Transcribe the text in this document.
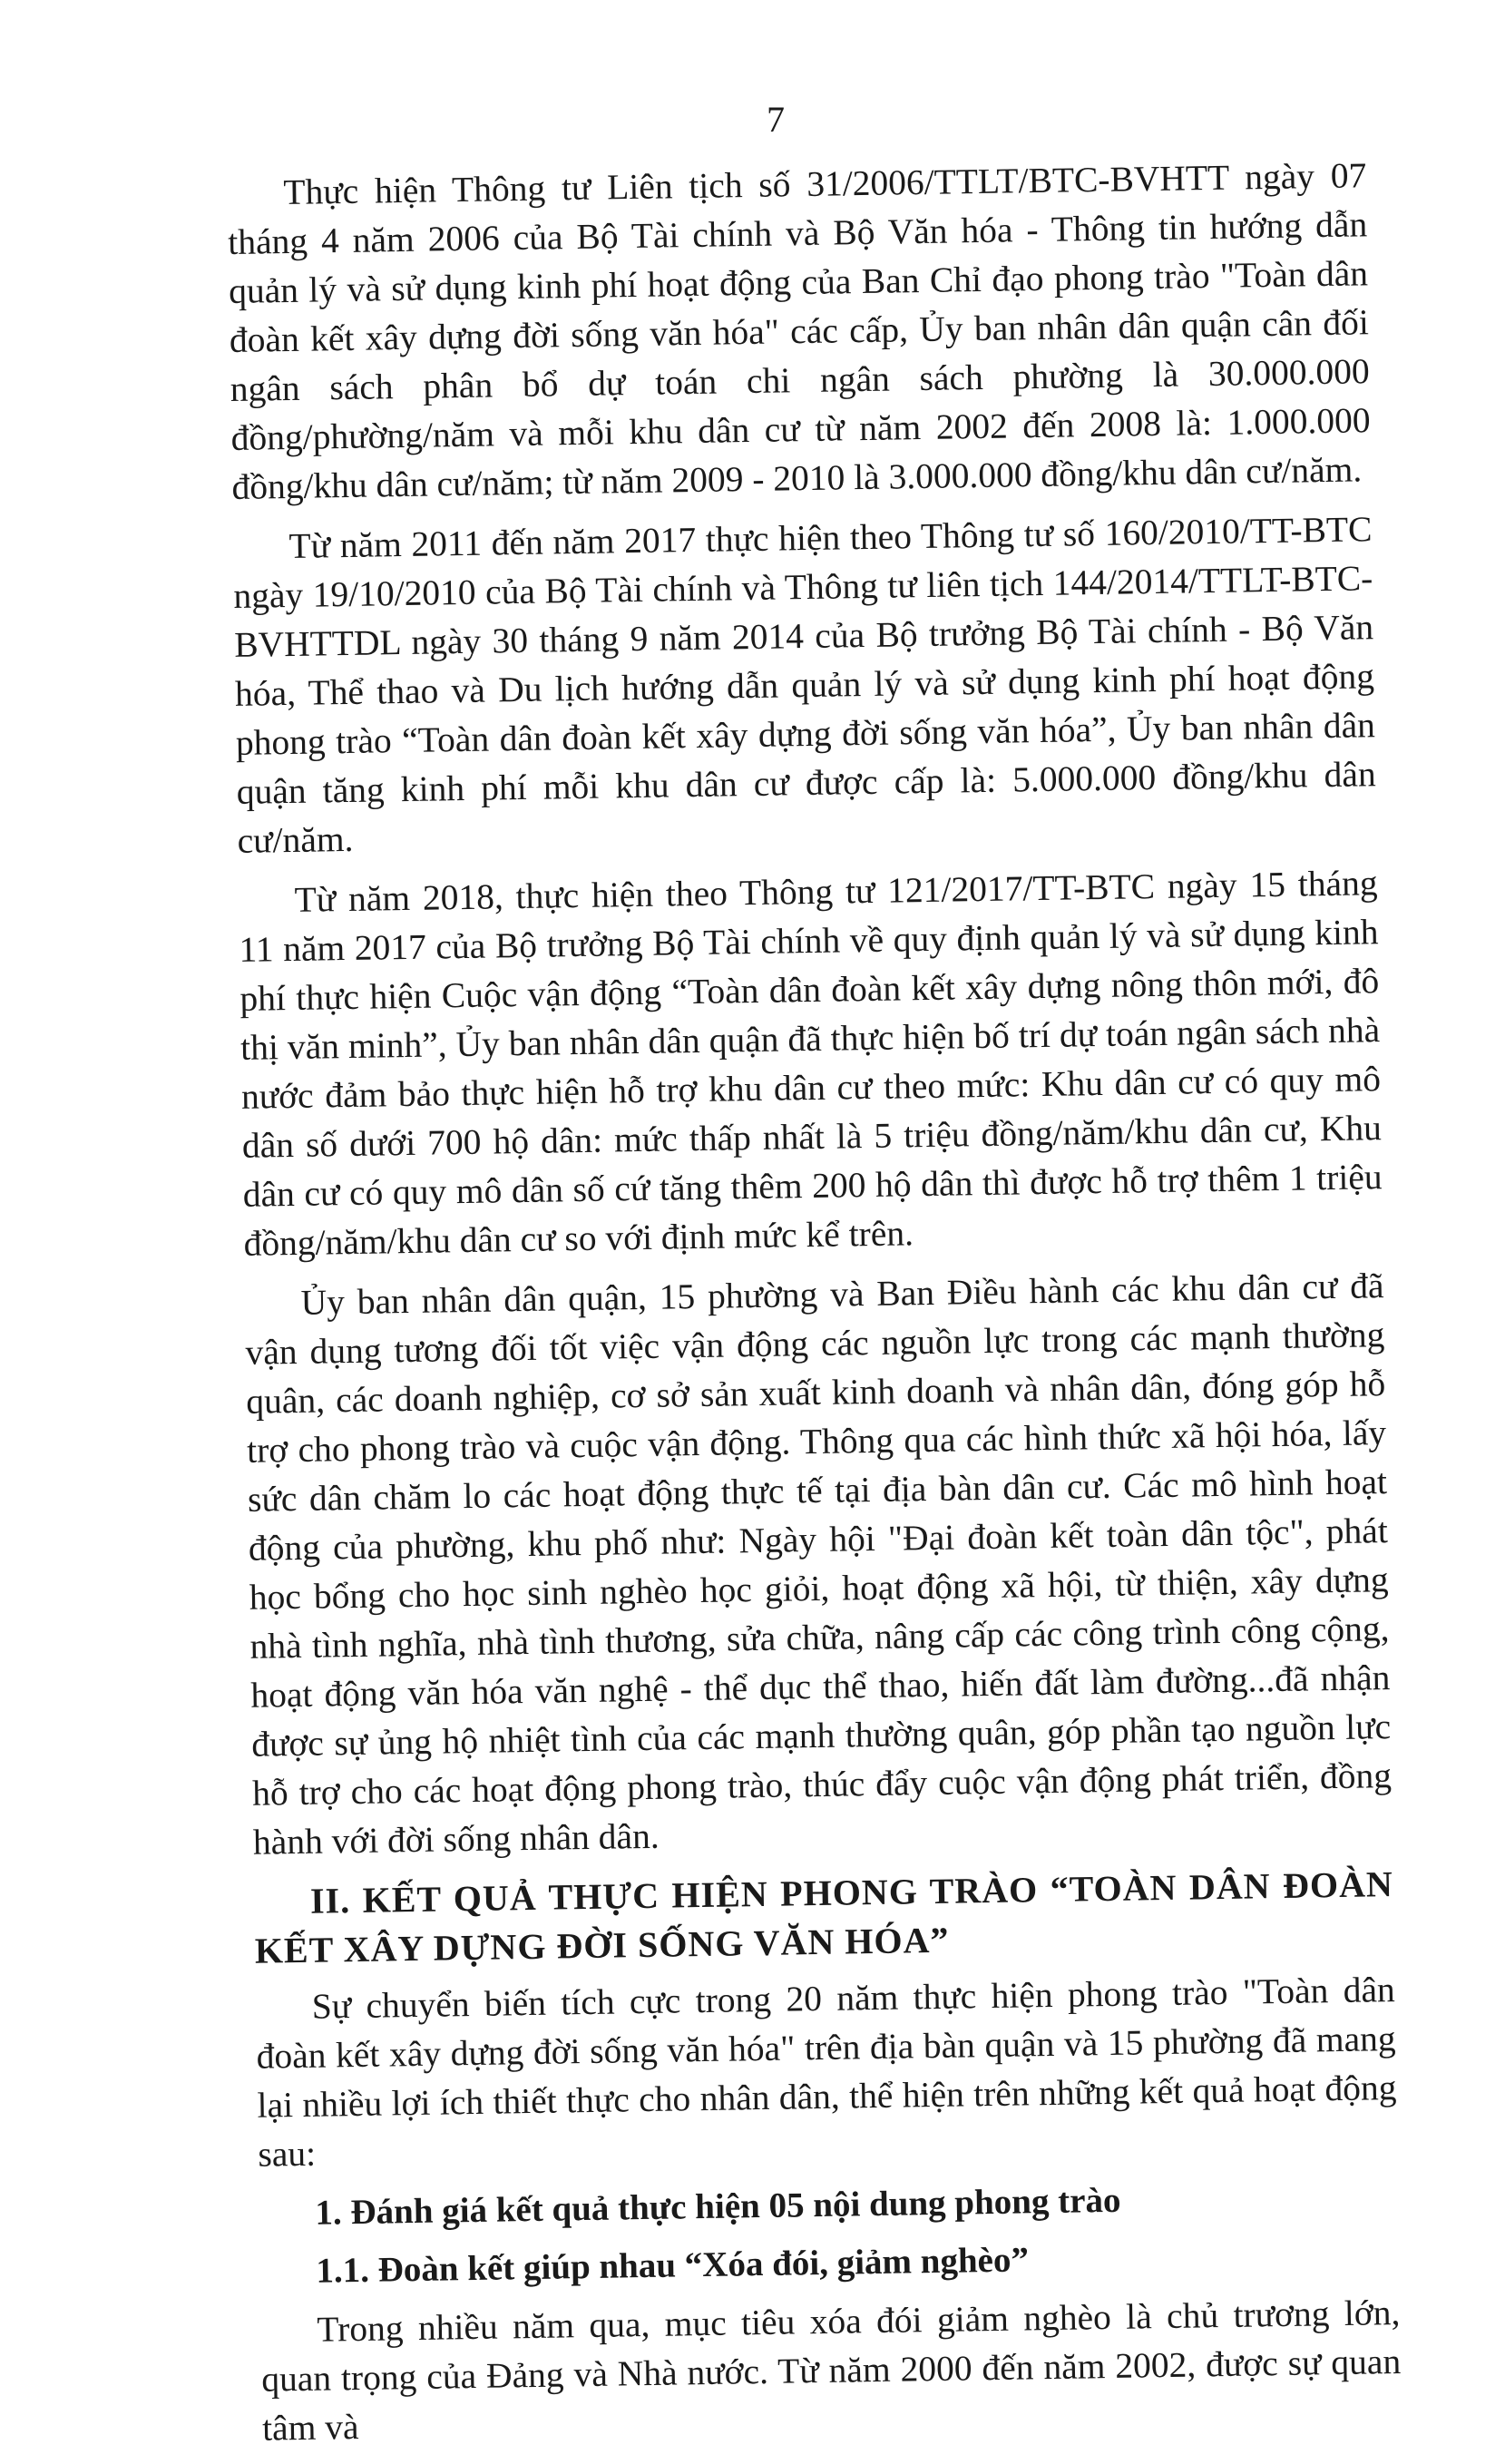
7

Thực hiện Thông tư Liên tịch số 31/2006/TTLT/BTC-BVHTT ngày 07 tháng 4 năm 2006 của Bộ Tài chính và Bộ Văn hóa - Thông tin hướng dẫn quản lý và sử dụng kinh phí hoạt động của Ban Chỉ đạo phong trào "Toàn dân đoàn kết xây dựng đời sống văn hóa" các cấp, Ủy ban nhân dân quận cân đối ngân sách phân bổ dự toán chi ngân sách phường là 30.000.000 đồng/phường/năm và mỗi khu dân cư từ năm 2002 đến 2008 là: 1.000.000 đồng/khu dân cư/năm; từ năm 2009 - 2010 là 3.000.000 đồng/khu dân cư/năm.

Từ năm 2011 đến năm 2017 thực hiện theo Thông tư số 160/2010/TT-BTC ngày 19/10/2010 của Bộ Tài chính và Thông tư liên tịch 144/2014/TTLT-BTC-BVHTTDL ngày 30 tháng 9 năm 2014 của Bộ trưởng Bộ Tài chính - Bộ Văn hóa, Thể thao và Du lịch hướng dẫn quản lý và sử dụng kinh phí hoạt động phong trào “Toàn dân đoàn kết xây dựng đời sống văn hóa”, Ủy ban nhân dân quận tăng kinh phí mỗi khu dân cư được cấp là: 5.000.000 đồng/khu dân cư/năm.

Từ năm 2018, thực hiện theo Thông tư 121/2017/TT-BTC ngày 15 tháng 11 năm 2017 của Bộ trưởng Bộ Tài chính về quy định quản lý và sử dụng kinh phí thực hiện Cuộc vận động “Toàn dân đoàn kết xây dựng nông thôn mới, đô thị văn minh”, Ủy ban nhân dân quận đã thực hiện bố trí dự toán ngân sách nhà nước đảm bảo thực hiện hỗ trợ khu dân cư theo mức: Khu dân cư có quy mô dân số dưới 700 hộ dân: mức thấp nhất là 5 triệu đồng/năm/khu dân cư, Khu dân cư có quy mô dân số cứ tăng thêm 200 hộ dân thì được hỗ trợ thêm 1 triệu đồng/năm/khu dân cư so với định mức kể trên.

Ủy ban nhân dân quận, 15 phường và Ban Điều hành các khu dân cư đã vận dụng tương đối tốt việc vận động các nguồn lực trong các mạnh thường quân, các doanh nghiệp, cơ sở sản xuất kinh doanh và nhân dân, đóng góp hỗ trợ cho phong trào và cuộc vận động. Thông qua các hình thức xã hội hóa, lấy sức dân chăm lo các hoạt động thực tế tại địa bàn dân cư. Các mô hình hoạt động của phường, khu phố như: Ngày hội "Đại đoàn kết toàn dân tộc", phát học bổng cho học sinh nghèo học giỏi, hoạt động xã hội, từ thiện, xây dựng nhà tình nghĩa, nhà tình thương, sửa chữa, nâng cấp các công trình công cộng, hoạt động văn hóa văn nghệ - thể dục thể thao, hiến đất làm đường...đã nhận được sự ủng hộ nhiệt tình của các mạnh thường quân, góp phần tạo nguồn lực hỗ trợ cho các hoạt động phong trào, thúc đẩy cuộc vận động phát triển, đồng hành với đời sống nhân dân.

II. KẾT QUẢ THỰC HIỆN PHONG TRÀO “TOÀN DÂN ĐOÀN KẾT XÂY DỰNG ĐỜI SỐNG VĂN HÓA”

Sự chuyển biến tích cực trong 20 năm thực hiện phong trào "Toàn dân đoàn kết xây dựng đời sống văn hóa" trên địa bàn quận và 15 phường đã mang lại nhiều lợi ích thiết thực cho nhân dân, thể hiện trên những kết quả hoạt động sau:

1. Đánh giá kết quả thực hiện 05 nội dung phong trào

1.1. Đoàn kết giúp nhau “Xóa đói, giảm nghèo”

Trong nhiều năm qua, mục tiêu xóa đói giảm nghèo là chủ trương lớn, quan trọng của Đảng và Nhà nước. Từ năm 2000 đến năm 2002, được sự quan tâm và
